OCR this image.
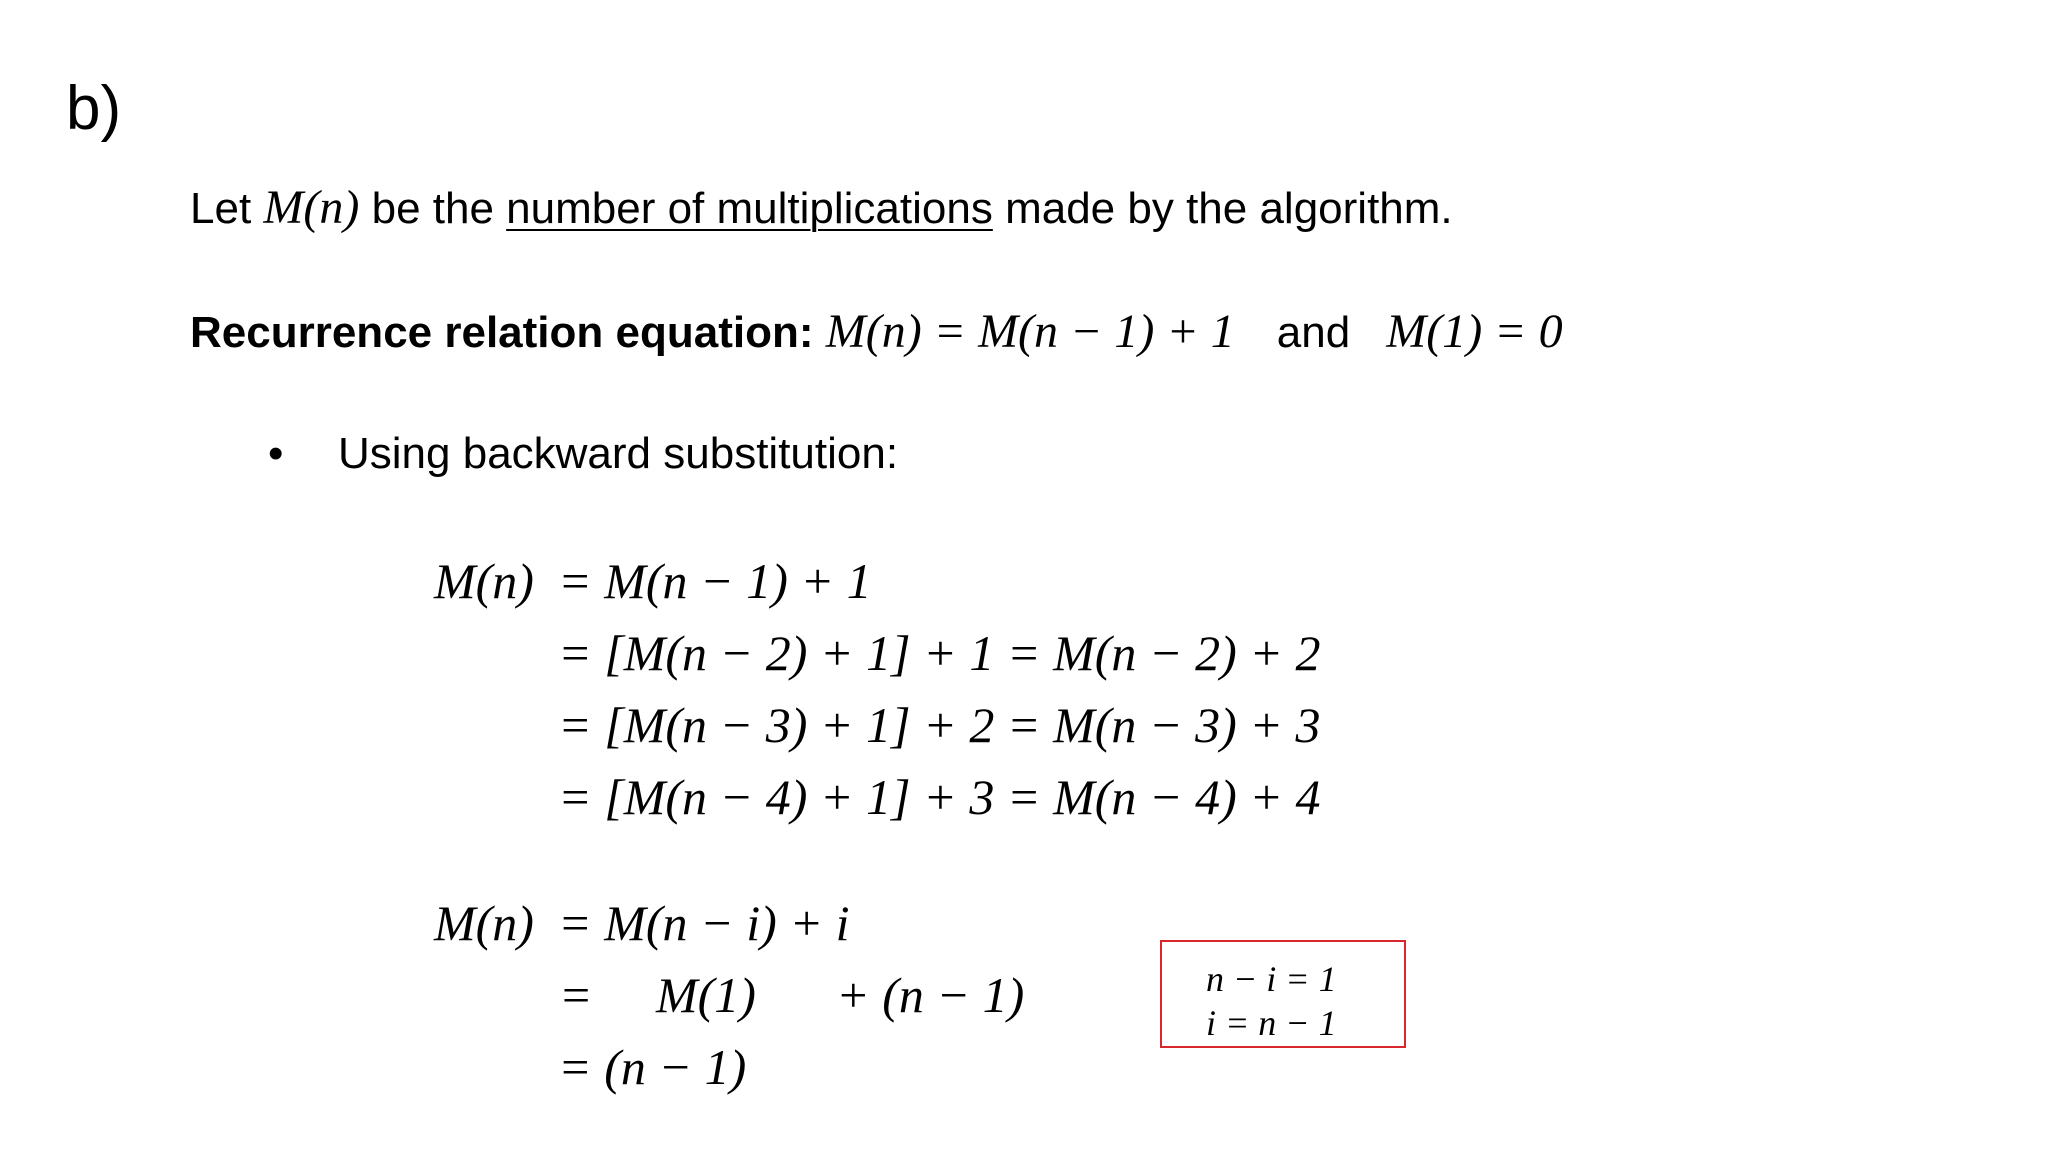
b)
Let M(n) be the number of multiplications made by the algorithm.
Recurrence relation equation: M(n) = M(n − 1) + 1 and M(1) = 0
• Using backward substitution:
M(n) = M(n − 1) + 1
= [M(n − 2) + 1] + 1 = M(n − 2) + 2
= [M(n − 3) + 1] + 2 = M(n − 3) + 3
= [M(n − 4) + 1] + 3 = M(n − 4) + 4
M(n) = M(n − i) + i
= M(1) + (n − 1)
= (n − 1)
n − i = 1
i = n − 1
